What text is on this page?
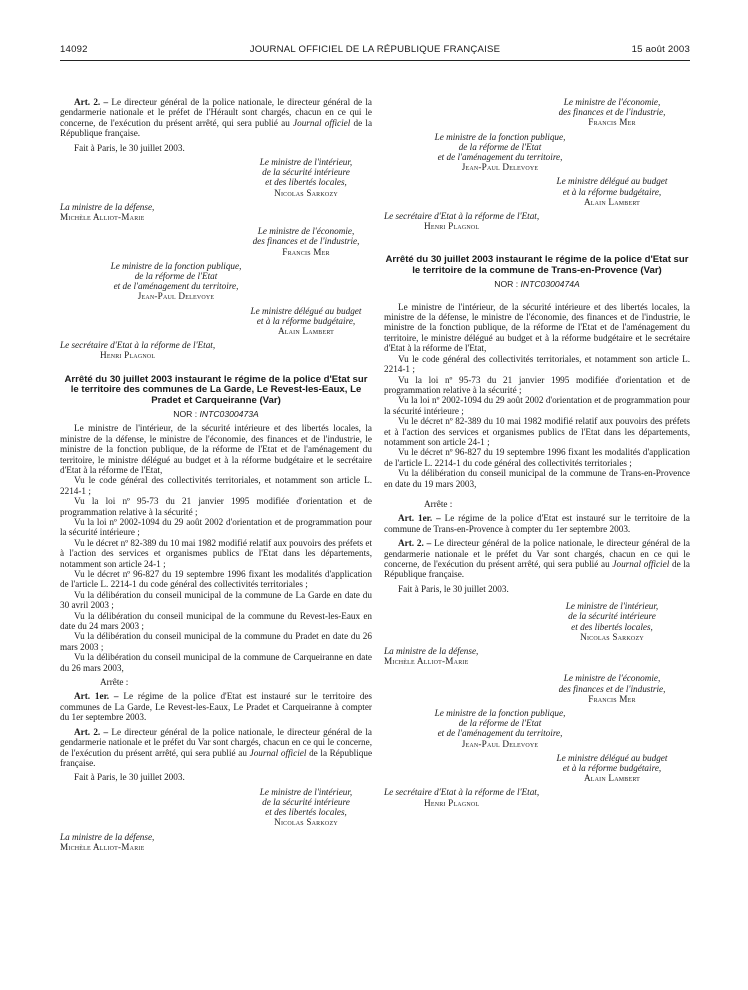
14092	JOURNAL OFFICIEL DE LA RÉPUBLIQUE FRANÇAISE	15 août 2003

Art. 2. – Le directeur général de la police nationale, le directeur général de la gendarmerie nationale et le préfet de l'Hérault sont chargés, chacun en ce qui le concerne, de l'exécution du présent arrêté, qui sera publié au Journal officiel de la République française.

Fait à Paris, le 30 juillet 2003.

Le ministre de l'intérieur,
de la sécurité intérieure
et des libertés locales,
Nicolas Sarkozy
La ministre de la défense,
Michèle Alliot-Marie
Le ministre de l'économie,
des finances et de l'industrie,
Francis Mer
Le ministre de la fonction publique,
de la réforme de l'Etat
et de l'aménagement du territoire,
Jean-Paul Delevoye
Le ministre délégué au budget
et à la réforme budgétaire,
Alain Lambert
Le secrétaire d'Etat à la réforme de l'Etat,
Henri Plagnol
Arrêté du 30 juillet 2003 instaurant le régime de la police d'Etat sur le territoire des communes de La Garde, Le Revest-les-Eaux, Le Pradet et Carqueiranne (Var)
NOR : INTC0300473A

Le ministre de l'intérieur, de la sécurité intérieure et des libertés locales, la ministre de la défense, le ministre de l'économie, des finances et de l'industrie, le ministre de la fonction publique, de la réforme de l'Etat et de l'aménagement du territoire, le ministre délégué au budget et à la réforme budgétaire et le secrétaire d'Etat à la réforme de l'Etat,

Vu le code général des collectivités territoriales, et notamment son article L. 2214-1 ;

Vu la loi nº 95-73 du 21 janvier 1995 modifiée d'orientation et de programmation relative à la sécurité ;

Vu la loi nº 2002-1094 du 29 août 2002 d'orientation et de programmation pour la sécurité intérieure ;

Vu le décret nº 82-389 du 10 mai 1982 modifié relatif aux pouvoirs des préfets et à l'action des services et organismes publics de l'Etat dans les départements, notamment son article 24-1 ;

Vu le décret nº 96-827 du 19 septembre 1996 fixant les modalités d'application de l'article L. 2214-1 du code général des collectivités territoriales ;

Vu la délibération du conseil municipal de la commune de La Garde en date du 30 avril 2003 ;

Vu la délibération du conseil municipal de la commune du Revest-les-Eaux en date du 24 mars 2003 ;

Vu la délibération du conseil municipal de la commune du Pradet en date du 26 mars 2003 ;

Vu la délibération du conseil municipal de la commune de Carqueiranne en date du 26 mars 2003,

Arrête :

Art. 1er. – Le régime de la police d'Etat est instauré sur le territoire des communes de La Garde, Le Revest-les-Eaux, Le Pradet et Carqueiranne à compter du 1er septembre 2003.

Art. 2. – Le directeur général de la police nationale, le directeur général de la gendarmerie nationale et le préfet du Var sont chargés, chacun en ce qui le concerne, de l'exécution du présent arrêté, qui sera publié au Journal officiel de la République française.

Fait à Paris, le 30 juillet 2003.

Le ministre de l'intérieur,
de la sécurité intérieure
et des libertés locales,
Nicolas Sarkozy
La ministre de la défense,
Michèle Alliot-Marie
Le ministre de l'économie,
des finances et de l'industrie,
Francis Mer
Le ministre de la fonction publique,
de la réforme de l'Etat
et de l'aménagement du territoire,
Jean-Paul Delevoye
Le ministre délégué au budget
et à la réforme budgétaire,
Alain Lambert
Le secrétaire d'Etat à la réforme de l'Etat,
Henri Plagnol
Arrêté du 30 juillet 2003 instaurant le régime de la police d'Etat sur le territoire de la commune de Trans-en-Provence (Var)
NOR : INTC0300474A

Le ministre de l'intérieur, de la sécurité intérieure et des libertés locales, la ministre de la défense, le ministre de l'économie, des finances et de l'industrie, le ministre de la fonction publique, de la réforme de l'Etat et de l'aménagement du territoire, le ministre délégué au budget et à la réforme budgétaire et le secrétaire d'Etat à la réforme de l'Etat,

Vu le code général des collectivités territoriales, et notamment son article L. 2214-1 ;

Vu la loi nº 95-73 du 21 janvier 1995 modifiée d'orientation et de programmation relative à la sécurité ;

Vu la loi nº 2002-1094 du 29 août 2002 d'orientation et de programmation pour la sécurité intérieure ;

Vu le décret nº 82-389 du 10 mai 1982 modifié relatif aux pouvoirs des préfets et à l'action des services et organismes publics de l'Etat dans les départements, notamment son article 24-1 ;

Vu le décret nº 96-827 du 19 septembre 1996 fixant les modalités d'application de l'article L. 2214-1 du code général des collectivités territoriales ;

Vu la délibération du conseil municipal de la commune de Trans-en-Provence en date du 19 mars 2003,

Arrête :

Art. 1er. – Le régime de la police d'Etat est instauré sur le territoire de la commune de Trans-en-Provence à compter du 1er septembre 2003.

Art. 2. – Le directeur général de la police nationale, le directeur général de la gendarmerie nationale et le préfet du Var sont chargés, chacun en ce qui le concerne, de l'exécution du présent arrêté, qui sera publié au Journal officiel de la République française.

Fait à Paris, le 30 juillet 2003.

Le ministre de l'intérieur,
de la sécurité intérieure
et des libertés locales,
Nicolas Sarkozy
La ministre de la défense,
Michèle Alliot-Marie
Le ministre de l'économie,
des finances et de l'industrie,
Francis Mer
Le ministre de la fonction publique,
de la réforme de l'Etat
et de l'aménagement du territoire,
Jean-Paul Delevoye
Le ministre délégué au budget
et à la réforme budgétaire,
Alain Lambert
Le secrétaire d'Etat à la réforme de l'Etat,
Henri Plagnol
